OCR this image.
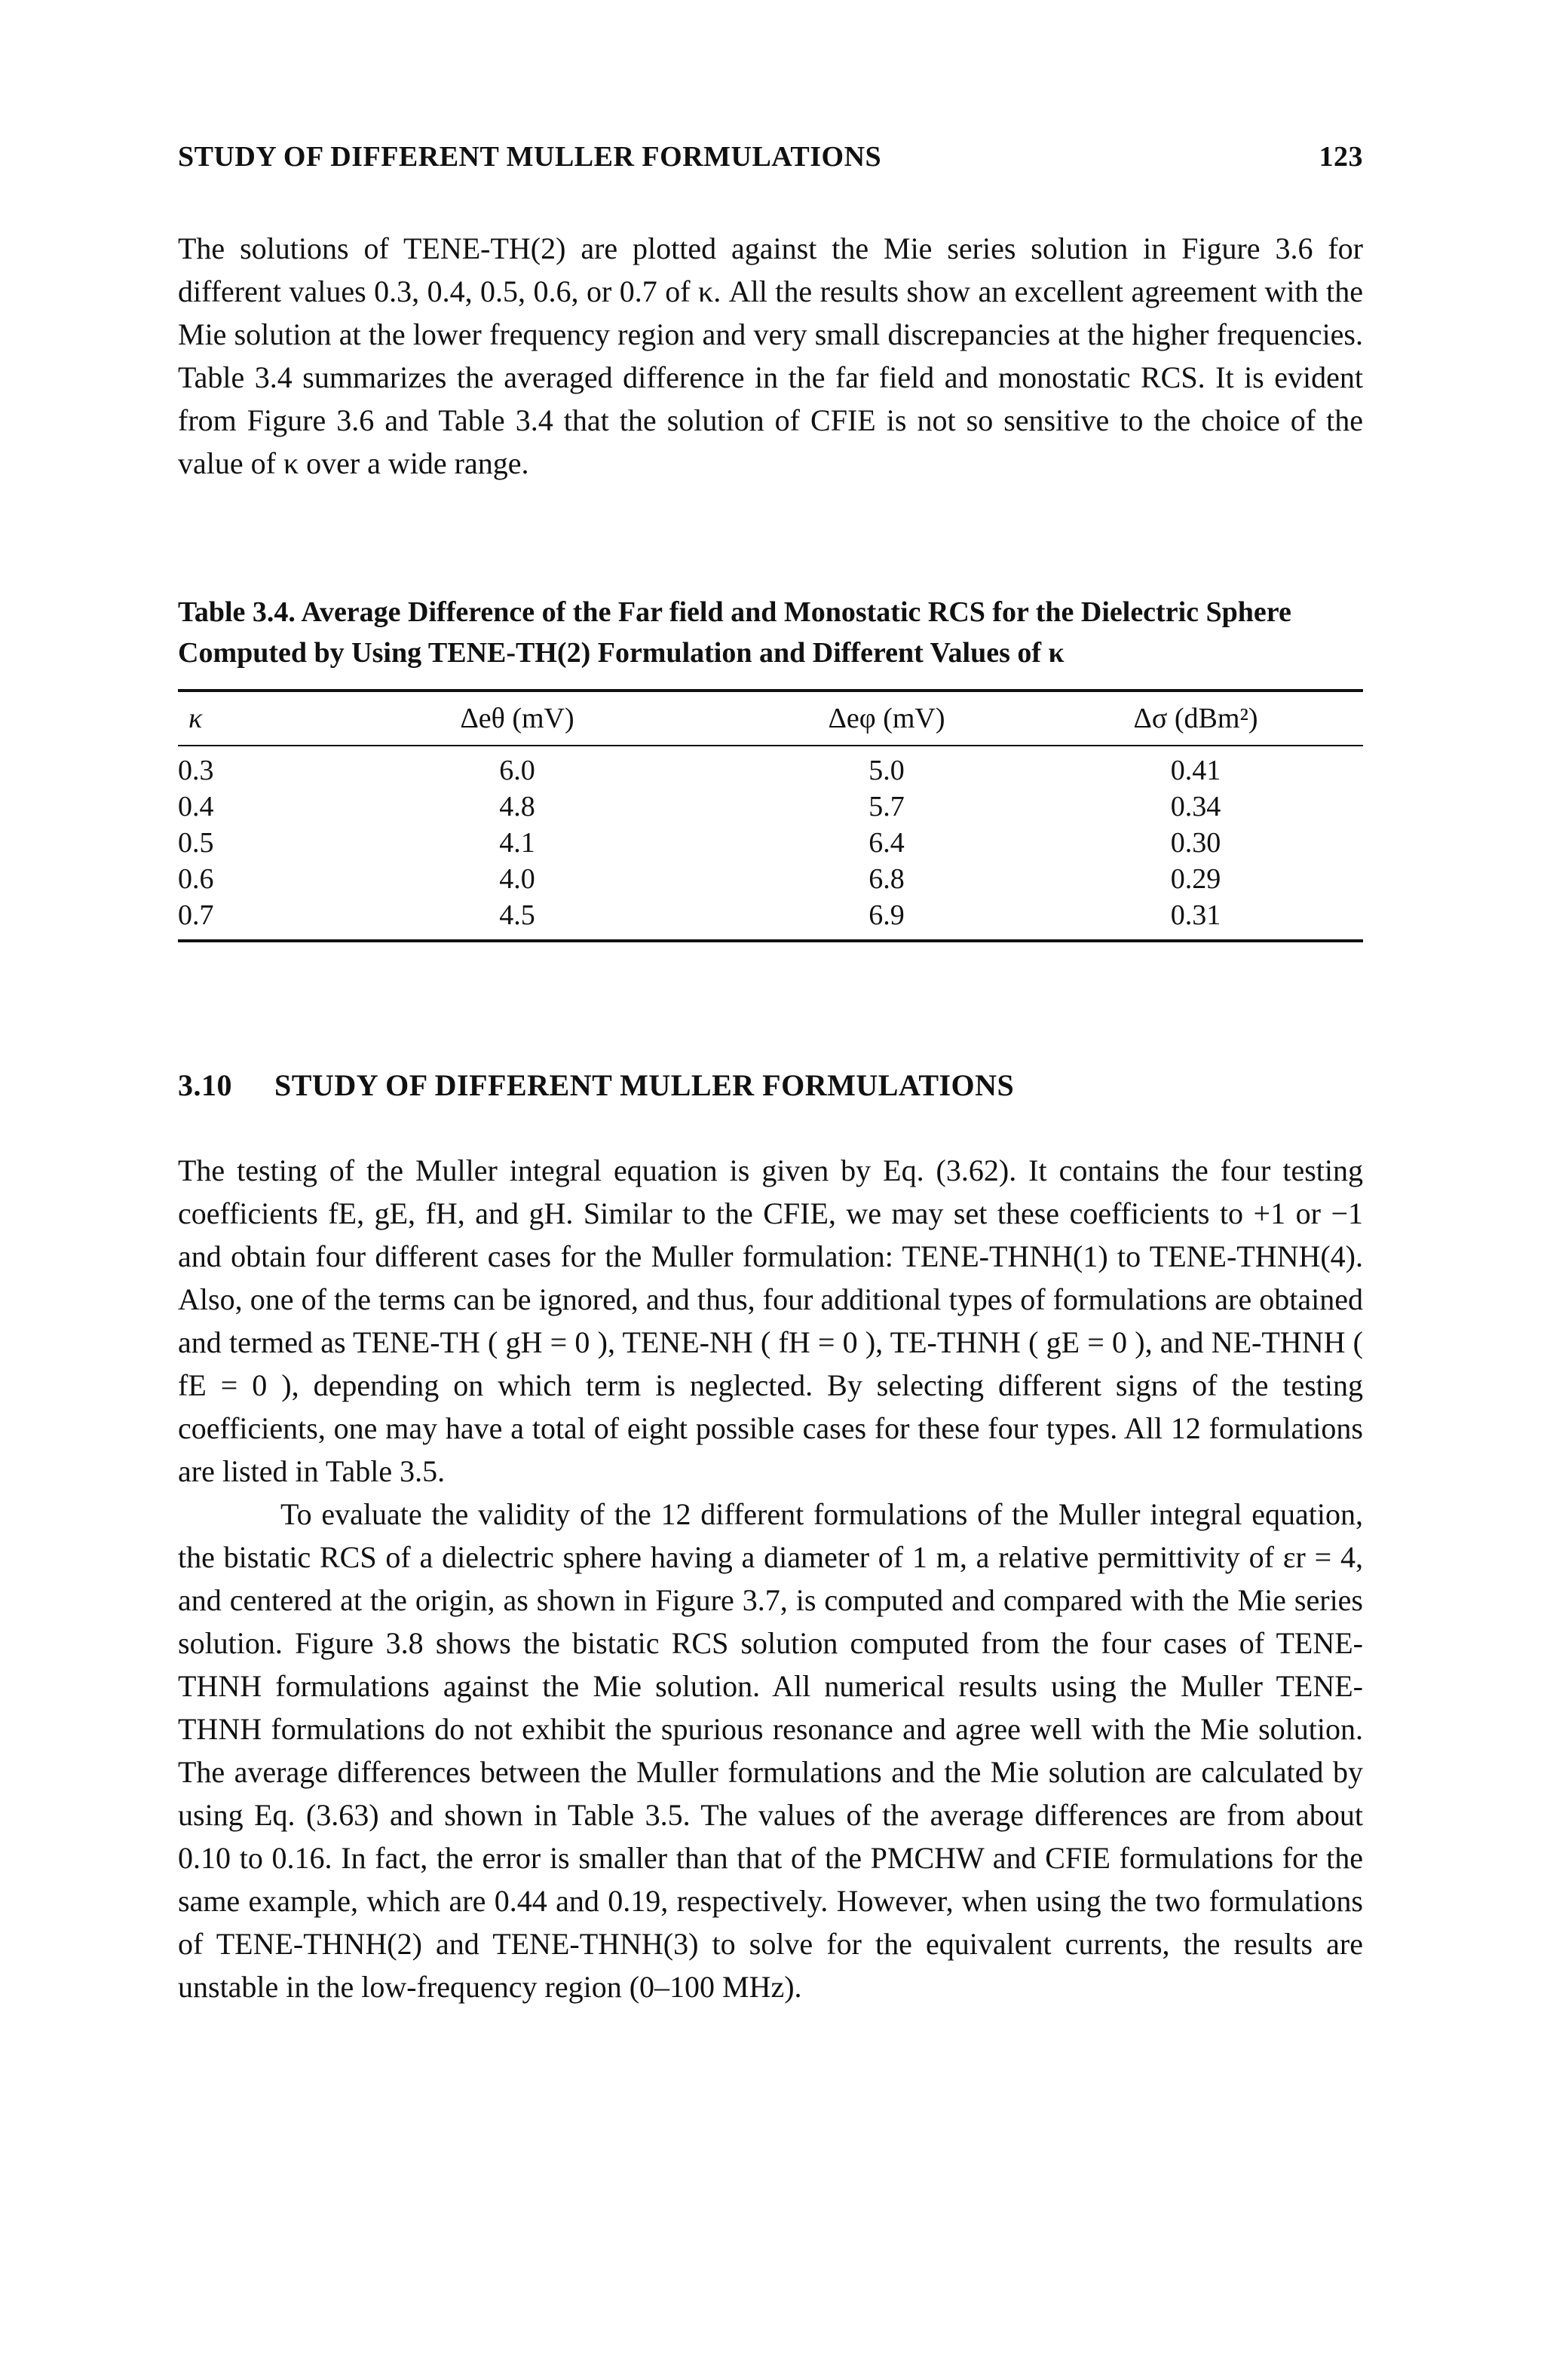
STUDY OF DIFFERENT MULLER FORMULATIONS	123

The solutions of TENE-TH(2) are plotted against the Mie series solution in Figure 3.6 for different values 0.3, 0.4, 0.5, 0.6, or 0.7 of κ. All the results show an excellent agreement with the Mie solution at the lower frequency region and very small discrepancies at the higher frequencies. Table 3.4 summarizes the averaged difference in the far field and monostatic RCS. It is evident from Figure 3.6 and Table 3.4 that the solution of CFIE is not so sensitive to the choice of the value of κ over a wide range.

Table 3.4. Average Difference of the Far field and Monostatic RCS for the Dielectric Sphere Computed by Using TENE-TH(2) Formulation and Different Values of κ
κ	Δeθ (mV)	Δeφ (mV)	Δσ (dBm²)
0.3	6.0	5.0	0.41
0.4	4.8	5.7	0.34
0.5	4.1	6.4	0.30
0.6	4.0	6.8	0.29
0.7	4.5	6.9	0.31
3.10 STUDY OF DIFFERENT MULLER FORMULATIONS

The testing of the Muller integral equation is given by Eq. (3.62). It contains the four testing coefficients fE, gE, fH, and gH. Similar to the CFIE, we may set these coefficients to +1 or −1 and obtain four different cases for the Muller formulation: TENE-THNH(1) to TENE-THNH(4). Also, one of the terms can be ignored, and thus, four additional types of formulations are obtained and termed as TENE-TH ( gH = 0 ), TENE-NH ( fH = 0 ), TE-THNH ( gE = 0 ), and NE-THNH ( fE = 0 ), depending on which term is neglected. By selecting different signs of the testing coefficients, one may have a total of eight possible cases for these four types. All 12 formulations are listed in Table 3.5.

To evaluate the validity of the 12 different formulations of the Muller integral equation, the bistatic RCS of a dielectric sphere having a diameter of 1 m, a relative permittivity of εr = 4, and centered at the origin, as shown in Figure 3.7, is computed and compared with the Mie series solution. Figure 3.8 shows the bistatic RCS solution computed from the four cases of TENE-THNH formulations against the Mie solution. All numerical results using the Muller TENE-THNH formulations do not exhibit the spurious resonance and agree well with the Mie solution. The average differences between the Muller formulations and the Mie solution are calculated by using Eq. (3.63) and shown in Table 3.5. The values of the average differences are from about 0.10 to 0.16. In fact, the error is smaller than that of the PMCHW and CFIE formulations for the same example, which are 0.44 and 0.19, respectively. However, when using the two formulations of TENE-THNH(2) and TENE-THNH(3) to solve for the equivalent currents, the results are unstable in the low-frequency region (0–100 MHz).
